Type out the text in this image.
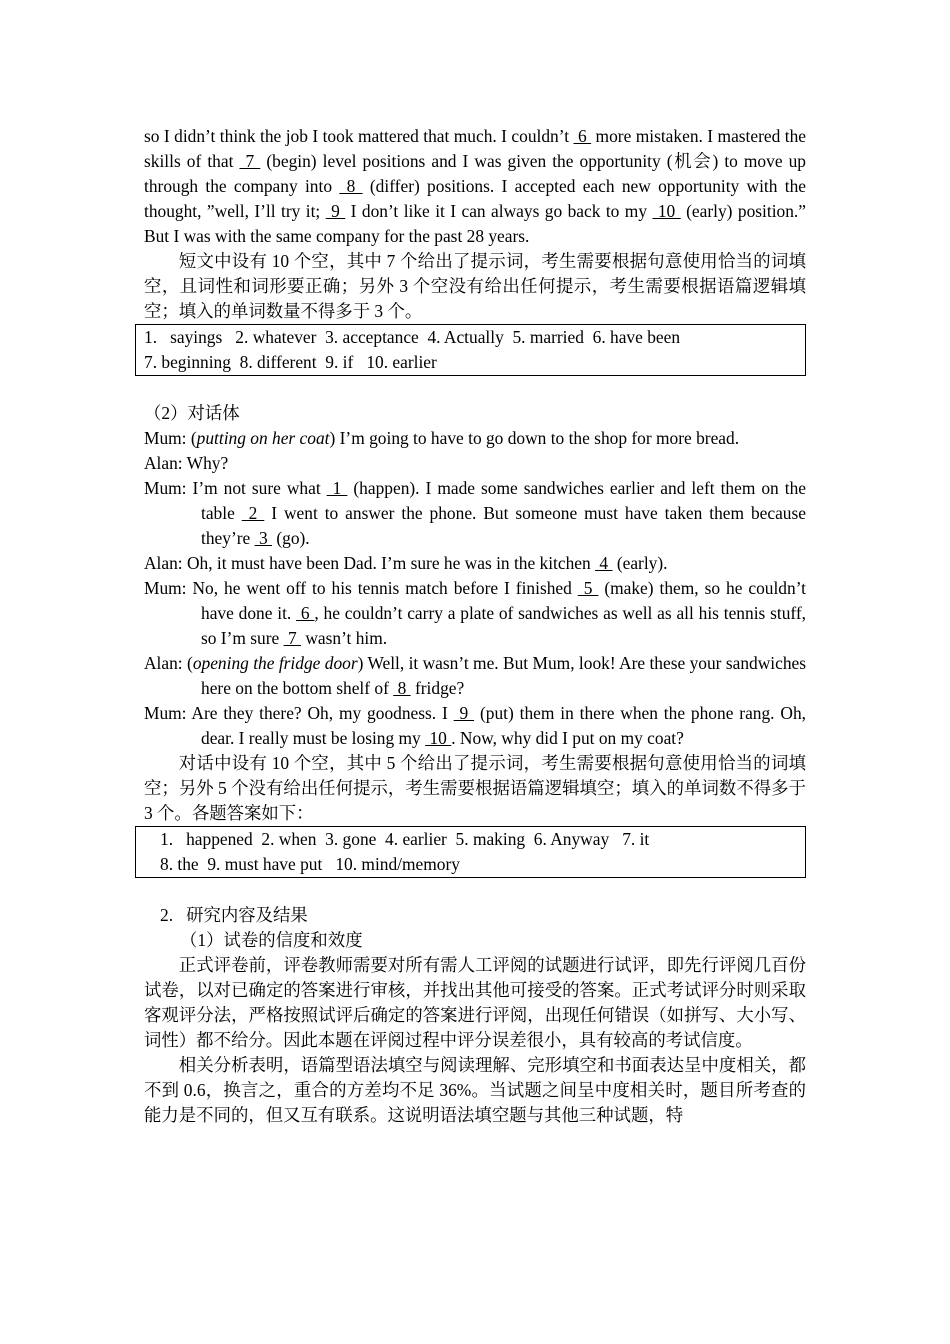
so I didn’t think the job I took mattered that much. I couldn’t  6  more mistaken. I mastered the skills of that  7  (begin) level positions and I was given the opportunity (机会) to move up through the company into  8  (differ) positions. I accepted each new opportunity with the thought, ”well, I’ll try it;  9  I don’t like it I can always go back to my  10  (early) position.” But I was with the same company for the past 28 years.

短文中设有 10 个空，其中 7 个给出了提示词，考生需要根据句意使用恰当的词填空，且词性和词形要正确；另外 3 个空没有给出任何提示，考生需要根据语篇逻辑填空；填入的单词数量不得多于 3 个。

1.   sayings   2. whatever  3. acceptance  4. Actually  5. married  6. have been
7. beginning  8. different  9. if   10. earlier

（2）对话体

Mum: (putting on her coat) I’m going to have to go down to the shop for more bread.

Alan: Why?

Mum: I’m not sure what  1  (happen). I made some sandwiches earlier and left them on the table  2  I went to answer the phone. But someone must have taken them because they’re  3  (go).

Alan: Oh, it must have been Dad. I’m sure he was in the kitchen  4  (early).

Mum: No, he went off to his tennis match before I finished  5  (make) them, so he couldn’t have done it.  6 , he couldn’t carry a plate of sandwiches as well as all his tennis stuff, so I’m sure  7  wasn’t him.

Alan: (opening the fridge door) Well, it wasn’t me. But Mum, look! Are these your sandwiches here on the bottom shelf of  8  fridge?

Mum: Are they there? Oh, my goodness. I  9  (put) them in there when the phone rang. Oh, dear. I really must be losing my  10 . Now, why did I put on my coat?

对话中设有 10 个空，其中 5 个给出了提示词，考生需要根据句意使用恰当的词填空；另外 5 个没有给出任何提示，考生需要根据语篇逻辑填空；填入的单词数不得多于 3 个。各题答案如下：

1.   happened  2. when  3. gone  4. earlier  5. making  6. Anyway   7. it
8. the  9. must have put   10. mind/memory

2.   研究内容及结果

（1）试卷的信度和效度

正式评卷前，评卷教师需要对所有需人工评阅的试题进行试评，即先行评阅几百份试卷，以对已确定的答案进行审核，并找出其他可接受的答案。正式考试评分时则采取客观评分法，严格按照试评后确定的答案进行评阅，出现任何错误（如拼写、大小写、词性）都不给分。因此本题在评阅过程中评分误差很小，具有较高的考试信度。

相关分析表明，语篇型语法填空与阅读理解、完形填空和书面表达呈中度相关，都不到 0.6，换言之，重合的方差均不足 36%。当试题之间呈中度相关时，题目所考查的能力是不同的，但又互有联系。这说明语法填空题与其他三种试题，特
